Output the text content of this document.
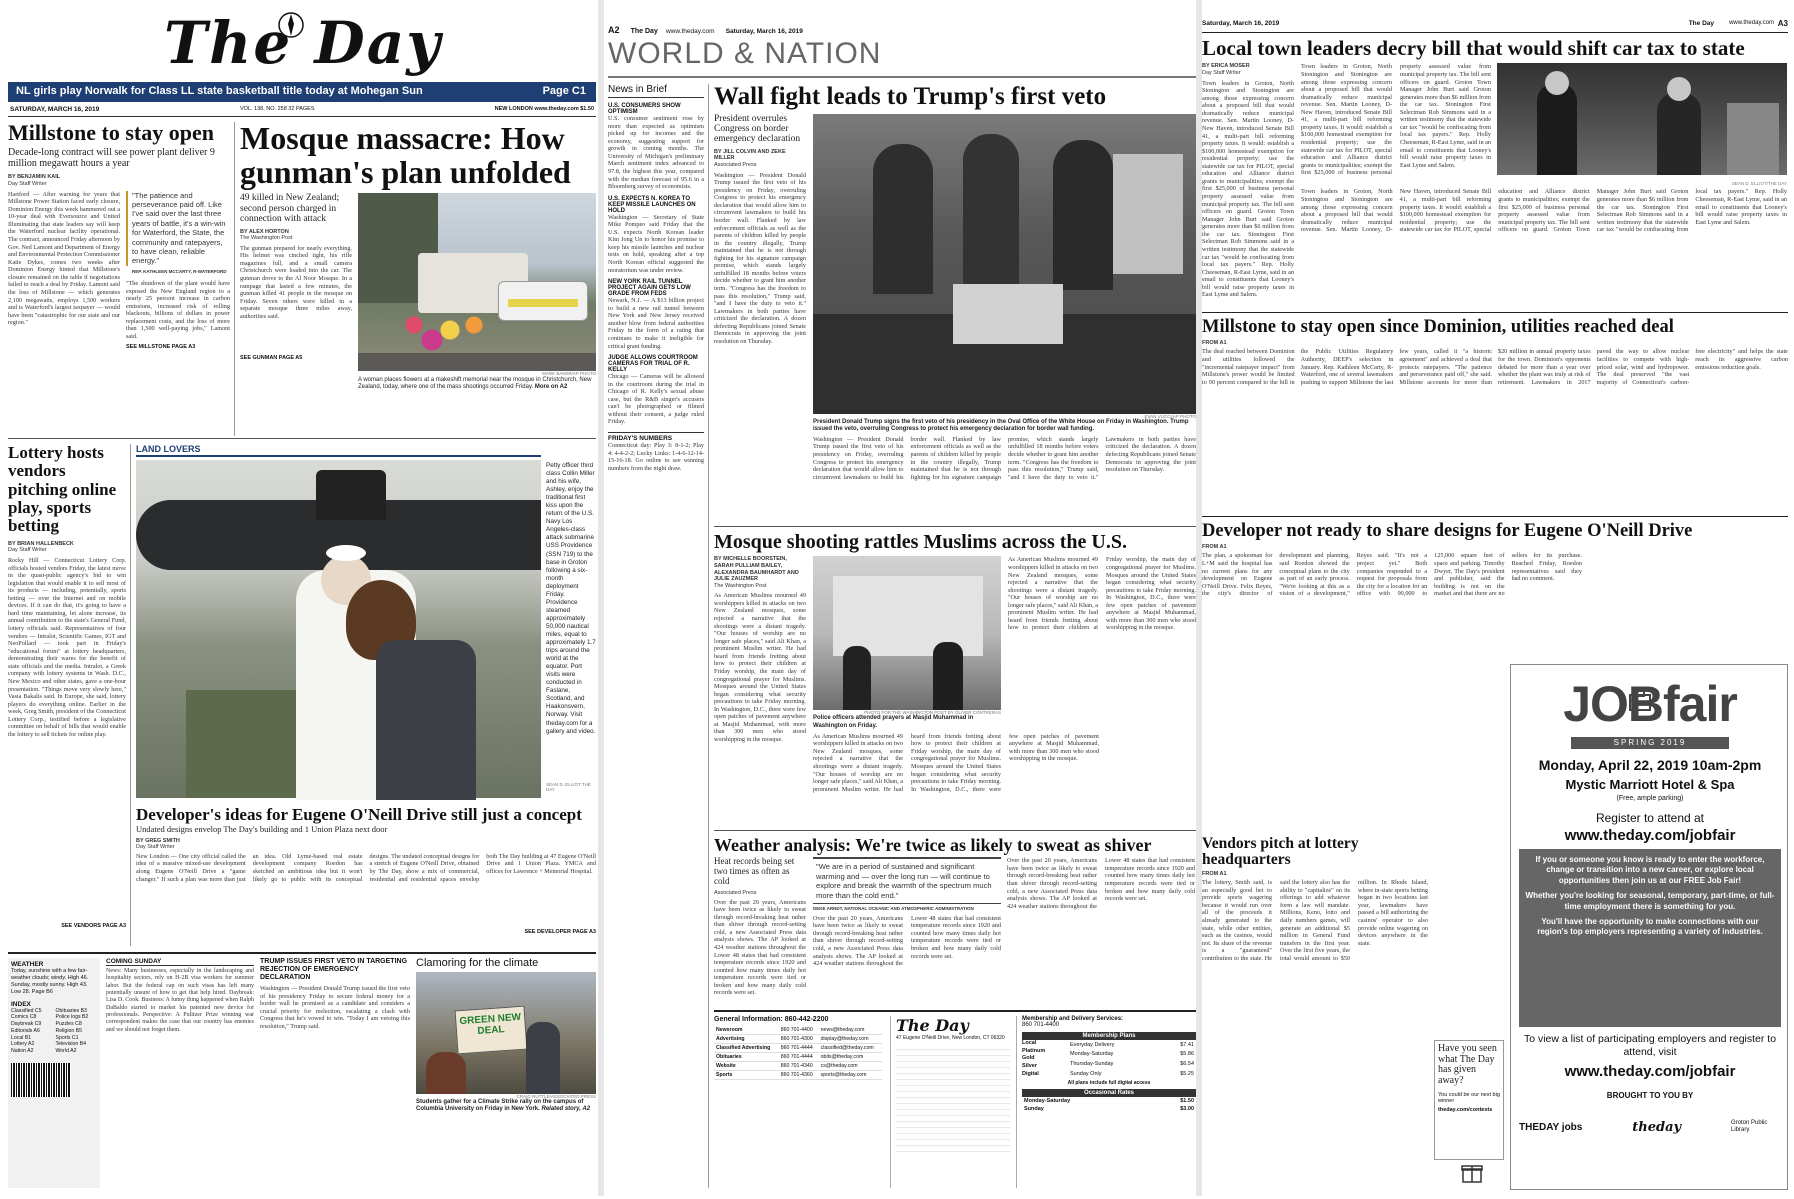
The Day
NL girls play Norwalk for Class LL state basketball title today at Mohegan Sun	Page C1
SATURDAY, MARCH 16, 2019	VOL. 138, NO. 258 32 PAGES	NEW LONDON www.theday.com $1.50
Millstone to stay open
Decade-long contract will see power plant deliver 9 million megawatt hours a year
BY BENJAMIN KAIL
Day Staff Writer
Hartford — After warning for years that Millstone Power Station faced early closure, Dominion Energy this week hammered out a 10-year deal with Eversource and United Illuminating that state leaders say will keep the Waterford nuclear facility operational. The contract, announced Friday afternoon by Gov. Ned Lamont and Department of Energy and Environmental Protection Commissioner Katie Dykes, comes two weeks after Dominion Energy hinted that Millstone's closure remained on the table if negotiations failed to reach a deal by Friday. Lamont said the loss of Millstone — which generates 2,100 megawatts, employs 1,500 workers and is Waterford's largest taxpayer — would have been "catastrophic for our state and our region."
"The patience and perseverance paid off. Like I've said over the last three years of battle, it's a win-win for Waterford, the State, the community and ratepayers, to have clean, reliable energy."
REP. KATHLEEN MCCARTY, R-WATERFORD
"The shutdown of the plant would have exposed the New England region to a nearly 25 percent increase in carbon emissions, increased risk of rolling blackouts, billions of dollars in power replacement costs, and the loss of more than 1,500 well-paying jobs," Lamont said.
SEE MILLSTONE PAGE A3
Mosque massacre: How gunman's plan unfolded
49 killed in New Zealand; second person charged in connection with attack
BY ALEX HORTON
The Washington Post
The gunman prepared for nearly everything. His helmet was cinched tight, his rifle magazines full, and a small camera Christchurch were loaded into the car. The gunman drove to the Al Noor Mosque. In a rampage that lasted a few minutes, the gunman killed 41 people in the mosque on Friday. Seven others were killed in a separate mosque three miles away, authorities said.
SEE GUNMAN PAGE A5
MARK BAKER/AP PHOTO
A woman places flowers at a makeshift memorial near the mosque in Christchurch, New Zealand, today, where one of the mass shootings occurred Friday. More on A2
Lottery hosts vendors pitching online play, sports betting
BY BRIAN HALLENBECK
Day Staff Writer
Rocky Hill — Connecticut Lottery Corp. officials hosted vendors Friday, the latest move in the quasi-public agency's bid to win legislation that would enable it to sell most of its products — including, potentially, sports betting — over the Internet and on mobile devices. If it can do that, it's going to have a hard time maintaining, let alone increase, its annual contribution to the state's General Fund, lottery officials said. Representatives of four vendors — Intralot, Scientific Games, IGT and NeoPollard — took part in Friday's "educational forum" at lottery headquarters, demonstrating their wares for the benefit of state officials and the media. Intralot, a Greek company with lottery systems in Wash. D.C., New Mexico and other states, gave a one-hour presentation. "Things move very slowly here," Vasia Bakalis said. In Europe, she said, lottery players do everything online. Earlier in the week, Greg Smith, president of the Connecticut Lottery Corp., testified before a legislative committee on behalf of bills that would enable the lottery to sell tickets for online play.
SEE VENDORS PAGE A3
LAND LOVERS
Petty officer third class Collin Miller and his wife, Ashley, enjoy the traditional first kiss upon the return of the U.S. Navy Los Angeles-class attack submarine USS Providence (SSN 719) to the base in Groton following a six-month deployment Friday. Providence steamed approximately 50,000 nautical miles, equal to approximately 1.7 trips around the world at the equator. Port visits were conducted in Faslane, Scotland, and Haakonsvern, Norway. Visit theday.com for a gallery and video.
SEAN D. ELLIOT THE DAY
Developer's ideas for Eugene O'Neill Drive still just a concept
Undated designs envelop The Day's building and 1 Union Plaza next door
BY GREG SMITH
Day Staff Writer
New London — One city official called the idea of a massive mixed-use development along Eugene O'Neill Drive a "game changer." If such a plan was more than just an idea. Old Lyme-based real estate development company Roedon has sketched an ambitious idea but it won't likely go to public with its conceptual designs. The undated conceptual designs for a stretch of Eugene O'Neill Drive, obtained by The Day, show a mix of commercial, residential and residential spaces envelop both The Day building at 47 Eugene O'Neill Drive and 1 Union Plaza. YMCA and offices for Lawrence + Memorial Hospital.
SEE DEVELOPER PAGE A3
WEATHER
Today, sunshine with a few fair-weather clouds; windy. High 46. Sunday, mostly sunny. High 43. Low 28. Page B6
INDEX
Classified C5
Comics C8
Daybreak C9
Editorials A6
Local B1
Lottery A2
Nation A2
Obituaries B3
Police logs B2
Puzzles C8
Religion B5
Sports C1
Television B4
World A2
COMING SUNDAY
News: Many businesses, especially in the landscaping and hospitality sectors, rely on H-2B visa workers for summer labor. But the federal cap on such visas has left many potentially unsure of how to get that help hired. Daybreak: Lisa D. Cook. Business: A funny thing happened when Ralph DaBaldo started to market his patented new device for professionals. Perspective: A Pulitzer Prize winning war correspondent makes the case that our country has enemies and we should not forget them.
TRUMP ISSUES FIRST VETO IN TARGETING REJECTION OF EMERGENCY DECLARATION
Washington — President Donald Trump issued the first veto of his presidency Friday to secure federal money for a border wall he promised as a candidate and considers a crucial priority for reelection, escalating a clash with Congress that he's vowed to win. "Today I am vetoing this resolution," Trump said.
Clamoring for the climate
GREEN NEW DEAL
CRAIG RUTTLE/ASSOCIATED PRESS
Students gather for a Climate Strike rally on the campus of Columbia University on Friday in New York. Related story, A2
A2 The Day www.theday.com Saturday, March 16, 2019
WORLD & NATION
News in Brief
U.S. CONSUMERS SHOW OPTIMISM
U.S. consumer sentiment rose by more than expected as optimism picked up for incomes and the economy, suggesting support for growth in coming months. The University of Michigan's preliminary March sentiment index advanced to 97.8, the highest this year, compared with the median forecast of 95.6 in a Bloomberg survey of economists.
U.S. EXPECTS N. KOREA TO KEEP MISSILE LAUNCHES ON HOLD
Washington — Secretary of State Mike Pompeo said Friday that the U.S. expects North Korean leader Kim Jong Un to honor his promise to keep his missile launches and nuclear tests on hold, speaking after a top North Korean official suggested the moratorium was under review.
NEW YORK RAIL TUNNEL PROJECT AGAIN GETS LOW GRADE FROM FEDS
Newark, N.J. — A $13 billion project to build a new rail tunnel between New York and New Jersey received another blow from federal authorities Friday in the form of a rating that continues to make it ineligible for critical grant funding.
JUDGE ALLOWS COURTROOM CAMERAS FOR TRIAL OF R. KELLY
Chicago — Cameras will be allowed in the courtroom during the trial in Chicago of R. Kelly's sexual abuse case, but the R&B singer's accusers can't be photographed or filmed without their consent, a judge ruled Friday.
FRIDAY'S NUMBERS
Connecticut day: Play 3: 8-1-2; Play 4: 4-4-2-2; Lucky Links: 1-4-6-12-14-15-16-18. Go online to see winning numbers from the night draw.
Wall fight leads to Trump's first veto
President overrules Congress on border emergency declaration
BY JILL COLVIN AND ZEKE MILLER
Associated Press
Washington — President Donald Trump issued the first veto of his presidency on Friday, overruling Congress to protect his emergency declaration that would allow him to circumvent lawmakers to build his border wall. Flanked by law enforcement officials as well as the parents of children killed by people in the country illegally, Trump maintained that he is not through fighting for his signature campaign promise, which stands largely unfulfilled 18 months before voters decide whether to grant him another term. "Congress has the freedom to pass this resolution," Trump said, "and I have the duty to veto it." Lawmakers in both parties have criticized the declaration. A dozen defecting Republicans joined Senate Democrats in approving the joint resolution on Thursday.
EVAN VUCCI/AP PHOTO
President Donald Trump signs the first veto of his presidency in the Oval Office of the White House on Friday in Washington. Trump issued the veto, overruling Congress to protect his emergency declaration for border wall funding.
Washington — President Donald Trump issued the first veto of his presidency on Friday, overruling Congress to protect his emergency declaration that would allow him to circumvent lawmakers to build his border wall. Flanked by law enforcement officials as well as the parents of children killed by people in the country illegally, Trump maintained that he is not through fighting for his signature campaign promise, which stands largely unfulfilled 18 months before voters decide whether to grant him another term. "Congress has the freedom to pass this resolution," Trump said, "and I have the duty to veto it." Lawmakers in both parties have criticized the declaration. A dozen defecting Republicans joined Senate Democrats in approving the joint resolution on Thursday.
Mosque shooting rattles Muslims across the U.S.
BY MICHELLE BOORSTEIN, SARAH PULLIAM BAILEY, ALEXANDRA BAUMHARDT AND JULIE ZAUZMER
The Washington Post
As American Muslims mourned 49 worshippers killed in attacks on two New Zealand mosques, some rejected a narrative that the shootings were a distant tragedy. "Our houses of worship are no longer safe places," said Ali Khan, a prominent Muslim writer. He had heard from friends fretting about how to protect their children at Friday worship, the main day of congregational prayer for Muslims. Mosques around the United States began considering what security precautions to take Friday morning. In Washington, D.C., there were few open patches of pavement anywhere at Masjid Muhammad, with more than 300 men who stood worshipping in the mosque.
PHOTO FOR THE WASHINGTON POST BY OLIVER CONTRERAS
Police officers attended prayers at Masjid Muhammad in Washington on Friday.
As American Muslims mourned 49 worshippers killed in attacks on two New Zealand mosques, some rejected a narrative that the shootings were a distant tragedy. "Our houses of worship are no longer safe places," said Ali Khan, a prominent Muslim writer. He had heard from friends fretting about how to protect their children at Friday worship, the main day of congregational prayer for Muslims. Mosques around the United States began considering what security precautions to take Friday morning. In Washington, D.C., there were few open patches of pavement anywhere at Masjid Muhammad, with more than 300 men who stood worshipping in the mosque.
As American Muslims mourned 49 worshippers killed in attacks on two New Zealand mosques, some rejected a narrative that the shootings were a distant tragedy. "Our houses of worship are no longer safe places," said Ali Khan, a prominent Muslim writer. He had heard from friends fretting about how to protect their children at Friday worship, the main day of congregational prayer for Muslims. Mosques around the United States began considering what security precautions to take Friday morning. In Washington, D.C., there were few open patches of pavement anywhere at Masjid Muhammad, with more than 300 men who stood worshipping in the mosque.
Weather analysis: We're twice as likely to sweat as shiver
Heat records being set two times as often as cold
Associated Press
Over the past 20 years, Americans have been twice as likely to sweat through record-breaking heat rather than shiver through record-setting cold, a new Associated Press data analysis shows. The AP looked at 424 weather stations throughout the Lower 48 states that had consistent temperature records since 1920 and counted how many times daily hot temperature records were tied or broken and how many daily cold records were set.
"We are in a period of sustained and significant warming and — over the long run — will continue to explore and break the warmth of the spectrum much more than the cold end."
DEKE ARNDT, NATIONAL OCEANIC AND ATMOSPHERIC ADMINISTRATION
Over the past 20 years, Americans have been twice as likely to sweat through record-breaking heat rather than shiver through record-setting cold, a new Associated Press data analysis shows. The AP looked at 424 weather stations throughout the Lower 48 states that had consistent temperature records since 1920 and counted how many times daily hot temperature records were tied or broken and how many daily cold records were set.
Over the past 20 years, Americans have been twice as likely to sweat through record-breaking heat rather than shiver through record-setting cold, a new Associated Press data analysis shows. The AP looked at 424 weather stations throughout the Lower 48 states that had consistent temperature records since 1920 and counted how many times daily hot temperature records were tied or broken and how many daily cold records were set.
General Information: 860-442-2200
Newsroom	860 701-4400	news@theday.com
Advertising	860 701-4300	display@theday.com
Classified Advertising	860 701-4444	classified@theday.com
Obituaries	860 701-4444	obits@theday.com
Website	860 701-4340	cs@theday.com
Sports	860 701-4360	sports@theday.com
The Day
47 Eugene O'Neill Drive, New London, CT 06320
Membership and Delivery Services:
860 701-4400
Membership Plans
Local
Platinum
Gold
Silver
Digital
Everyday Delivery	$7.41
Monday-Saturday	$5.86
Thursday-Sunday	$6.54
Sunday Only	$5.25
All plans include full digital access
Occasional Rates
Monday-Saturday	$1.50
Sunday	$3.00
Saturday, March 16, 2019	The Day	www.theday.com A3
Local town leaders decry bill that would shift car tax to state
BY ERICA MOSER
Day Staff Writer
Town leaders in Groton, North Stonington and Stonington are among those expressing concern about a proposed bill that would dramatically reduce municipal revenue. Sen. Martin Looney, D-New Haven, introduced Senate Bill 41, a multi-part bill reforming property taxes. It would: establish a $100,000 homestead exemption for residential property; use the statewide car tax for PILOT, special education and Alliance district grants to municipalities; exempt the first $25,000 of business personal property assessed value from municipal property tax. The bill sent officers on guard. Groton Town Manager John Burt said Groton generates more than $6 million from the car tax. Stonington First Selectman Rob Simmons said in a written testimony that the statewide car tax "would be confiscating from local tax payers." Rep. Holly Cheeseman, R-East Lyme, said in an email to constituents that Looney's bill would raise property taxes in East Lyme and Salem.
Town leaders in Groton, North Stonington and Stonington are among those expressing concern about a proposed bill that would dramatically reduce municipal revenue. Sen. Martin Looney, D-New Haven, introduced Senate Bill 41, a multi-part bill reforming property taxes. It would: establish a $100,000 homestead exemption for residential property; use the statewide car tax for PILOT, special education and Alliance district grants to municipalities; exempt the first $25,000 of business personal property assessed value from municipal property tax. The bill sent officers on guard. Groton Town Manager John Burt said Groton generates more than $6 million from the car tax. Stonington First Selectman Rob Simmons said in a written testimony that the statewide car tax "would be confiscating from local tax payers." Rep. Holly Cheeseman, R-East Lyme, said in an email to constituents that Looney's bill would raise property taxes in East Lyme and Salem.
SEAN D. ELLIOT/THE DAY
Town leaders in Groton, North Stonington and Stonington are among those expressing concern about a proposed bill that would dramatically reduce municipal revenue. Sen. Martin Looney, D-New Haven, introduced Senate Bill 41, a multi-part bill reforming property taxes. It would: establish a $100,000 homestead exemption for residential property; use the statewide car tax for PILOT, special education and Alliance district grants to municipalities; exempt the first $25,000 of business personal property assessed value from municipal property tax. The bill sent officers on guard. Groton Town Manager John Burt said Groton generates more than $6 million from the car tax. Stonington First Selectman Rob Simmons said in a written testimony that the statewide car tax "would be confiscating from local tax payers." Rep. Holly Cheeseman, R-East Lyme, said in an email to constituents that Looney's bill would raise property taxes in East Lyme and Salem.
Millstone to stay open since Dominion, utilities reached deal
FROM A1
The deal reached between Dominion and utilities followed the "incremental ratepayer impact" from Millstone's power would be limited to 90 percent compared to the bill in the Public Utilities Regulatory Authority, DEEP's selection in January. Rep. Kathleen McCarty, R-Waterford, one of several lawmakers pushing to support Millstone the last few years, called it "a historic agreement" and achieved a deal that protects ratepayers. "The patience and perseverance paid off," she said. Millstone accounts for more than $20 million in annual property taxes for the town. Dominion's opponents debated for more than a year over whether the plant was truly at risk of retirement. Lawmakers in 2017 paved the way to allow nuclear facilities to compete with high-priced solar, wind and hydropower. The deal preserved "the vast majority of Connecticut's carbon-free electricity" and helps the state reach its aggressive carbon emissions reduction goals.
Developer not ready to share designs for Eugene O'Neill Drive
FROM A1
The plan, a spokesman for L+M said the hospital has no current plans for any development on Eugene O'Neill Drive. Felix Reyes, the city's director of development and planning, said Roedon showed the conceptual plans to the city as part of an early process. "We're looking at this as a vision of a development," Reyes said. "It's not a project yet." Both companies responded to a request for proposals from the city for a location for an office with 90,000 to 125,000 square feet of space and parking. Timothy Dwyer, The Day's president and publisher, said the building is not on the market and that there are no sellers for its purchase. Reached Friday, Roedon representatives said they had no comment.
Vendors pitch at lottery headquarters
FROM A1
The lottery, Smith said, is an especially good bet to provide sports wagering because it would run over all of the proceeds it already generated to the state, while other entities, such as the casinos, would not. Its share of the revenue is a "guaranteed" contribution to the state. He said the lottery also has the ability to "capitalize" on its offerings to add whatever form a law will mandate. Millions, Keno, lotto and daily numbers games, will generate an additional $5 million in General Fund transfers in the first year. Over the first five years, the total would amount to $50 million. In Rhode Island, where in-state sports betting began in two locations last year, lawmakers have passed a bill authorizing the casinos' operator to also provide online wagering on devices anywhere in the state.
Have you seen what The Day has given away?
You could be our next big winner
theday.com/contests
JOBfair
SPRING 2019
Monday, April 22, 2019 10am-2pm
Mystic Marriott Hotel & Spa
(Free, ample parking)
Register to attend at
www.theday.com/jobfair
If you or someone you know is ready to enter the workforce, change or transition into a new career, or explore local opportunities then join us at our FREE Job Fair!
Whether you're looking for seasonal, temporary, part-time, or full-time employment there is something for you.
You'll have the opportunity to make connections with our region's top employers representing a variety of industries.
To view a list of participating employers and register to attend, visit
www.theday.com/jobfair
BROUGHT TO YOU BY
THEDAY jobs	theday	Groton Public Library
